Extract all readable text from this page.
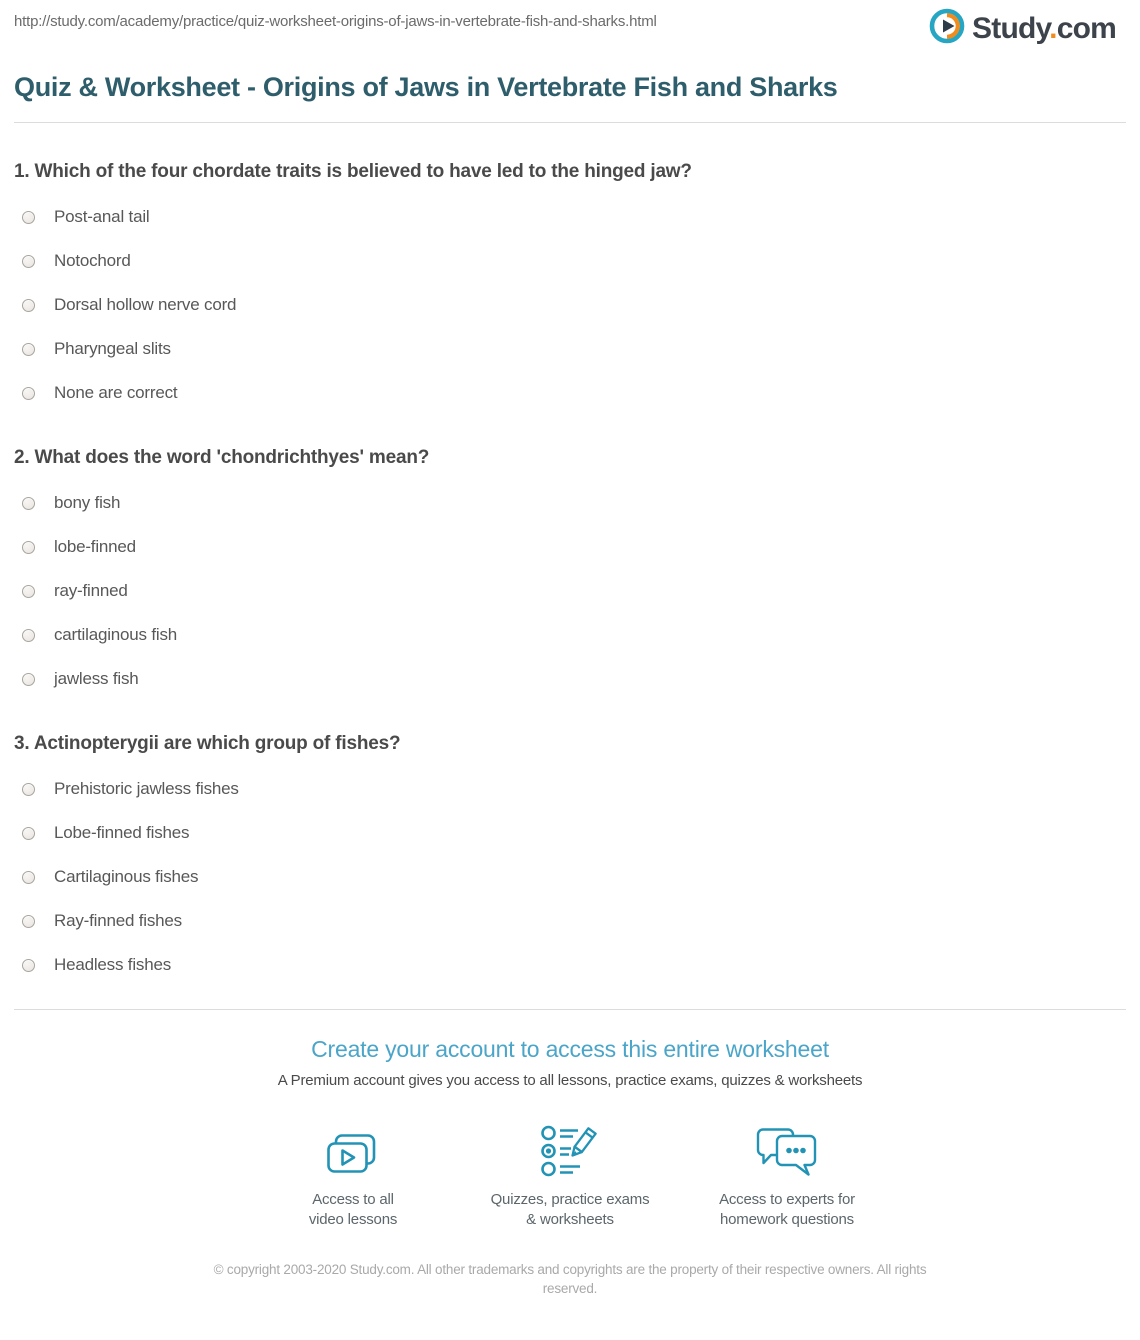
http://study.com/academy/practice/quiz-worksheet-origins-of-jaws-in-vertebrate-fish-and-sharks.html	Study.com
Quiz & Worksheet - Origins of Jaws in Vertebrate Fish and Sharks
1. Which of the four chordate traits is believed to have led to the hinged jaw?
Post-anal tail
Notochord
Dorsal hollow nerve cord
Pharyngeal slits
None are correct
2. What does the word 'chondrichthyes' mean?
bony fish
lobe-finned
ray-finned
cartilaginous fish
jawless fish
3. Actinopterygii are which group of fishes?
Prehistoric jawless fishes
Lobe-finned fishes
Cartilaginous fishes
Ray-finned fishes
Headless fishes
Create your account to access this entire worksheet
A Premium account gives you access to all lessons, practice exams, quizzes & worksheets
Access to all
video lessons
Quizzes, practice exams
& worksheets
Access to experts for
homework questions
© copyright 2003-2020 Study.com. All other trademarks and copyrights are the property of their respective owners. All rights
reserved.
